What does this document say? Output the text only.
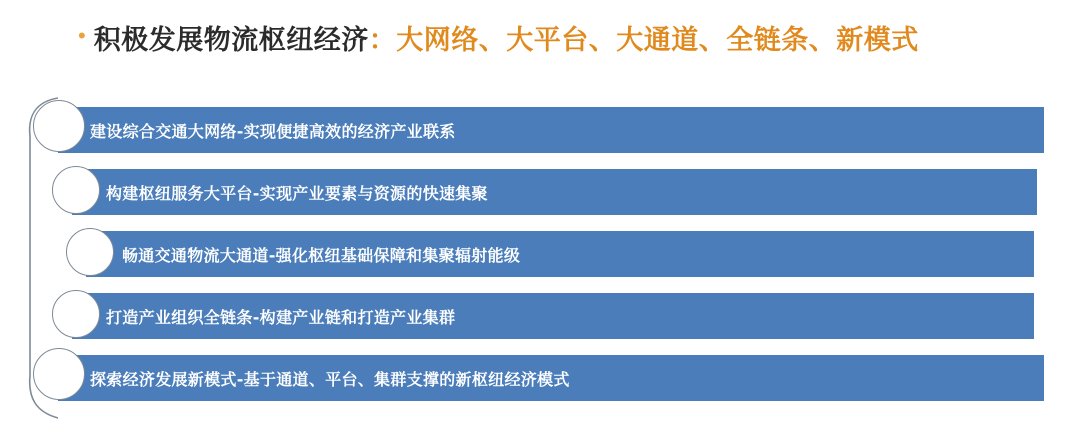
• 积极发展 物流枢纽经济 ：大网络、大平台、大通道、全链条、新模式
建设综合交通大网络-实现便捷高效的经济产业联系
构建枢纽服务大平台-实现产业要素与资源的快速集聚
畅通交通物流大通道-强化枢纽基础保障和集聚辐射能级
打造产业组织全链条-构建产业链和打造产业集群
探索经济发展新模式-基于通道、平台、集群支撑的新枢纽经济模式
